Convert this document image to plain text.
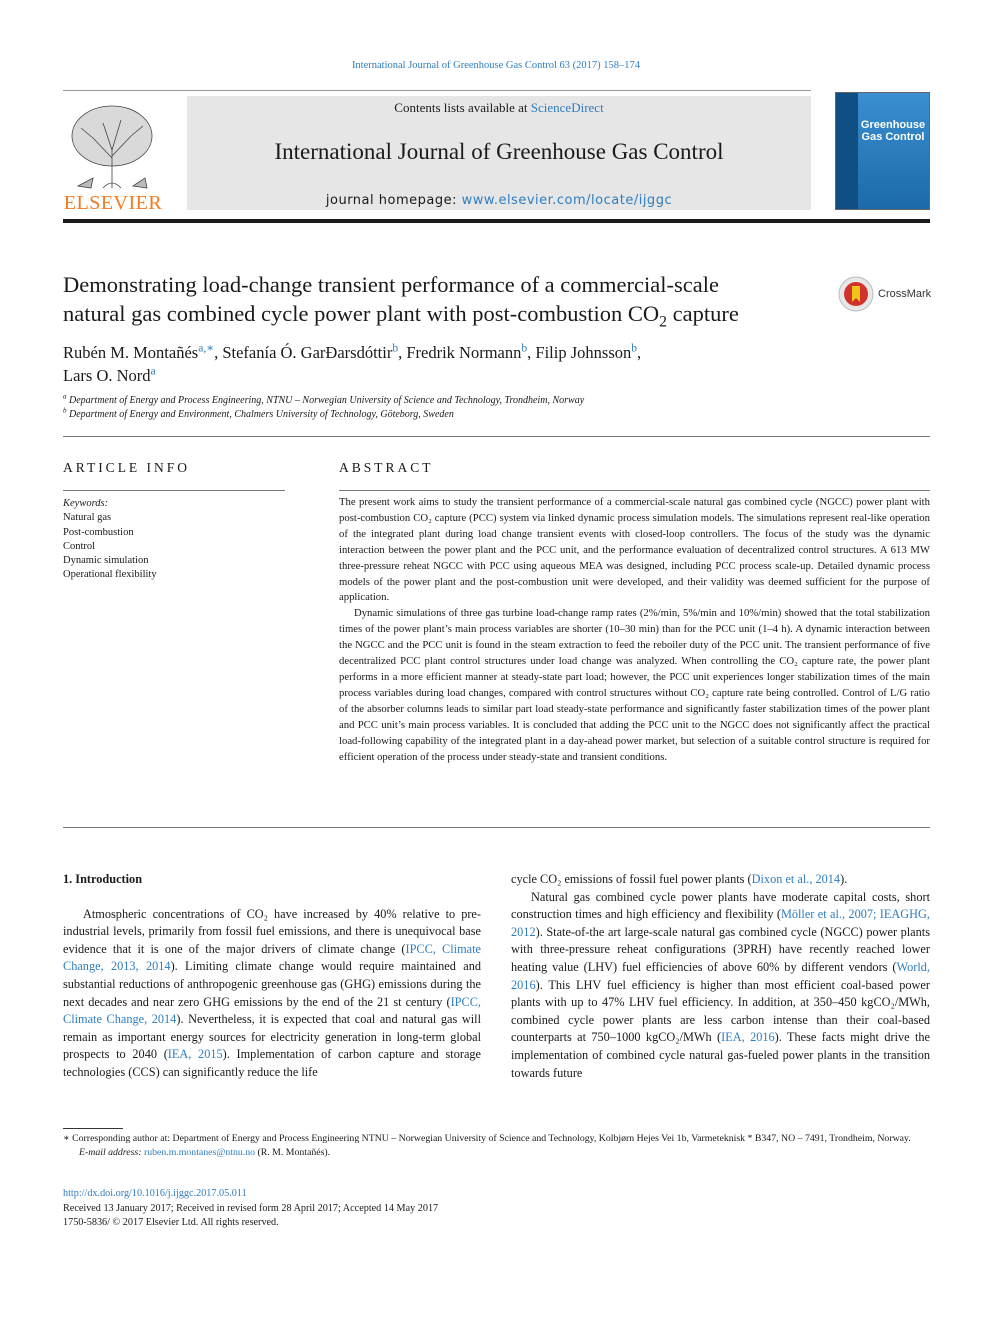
International Journal of Greenhouse Gas Control 63 (2017) 158–174
ELSEVIER
Contents lists available at ScienceDirect
International Journal of Greenhouse Gas Control
journal homepage: www.elsevier.com/locate/ijggc
Greenhouse Gas Control
Demonstrating load-change transient performance of a commercial-scale
natural gas combined cycle power plant with post-combustion $CO_2$ capture
CrossMark
Rubén M. Montañés$^{a,∗}$, Stefanía Ó. GarÐarsdóttir$^b$, Fredrik Normann$^b$, Filip Johnsson$^b$,
Lars O. Nord$^a$
$^a$ Department of Energy and Process Engineering, NTNU – Norwegian University of Science and Technology, Trondheim, Norway
$^b$ Department of Energy and Environment, Chalmers University of Technology, Göteborg, Sweden
ARTICLE INFO
Keywords:
Natural gas
Post-combustion
Control
Dynamic simulation
Operational flexibility
ABSTRACT

The present work aims to study the transient performance of a commercial-scale natural gas combined cycle (NGCC) power plant with post-combustion CO₂ capture (PCC) system via linked dynamic process simulation models. The simulations represent real-like operation of the integrated plant during load change transient events with closed-loop controllers. The focus of the study was the dynamic interaction between the power plant and the PCC unit, and the performance evaluation of decentralized control structures. A 613 MW three-pressure reheat NGCC with PCC using aqueous MEA was designed, including PCC process scale-up. Detailed dynamic process models of the power plant and the post-combustion unit were developed, and their validity was deemed sufficient for the purpose of application.

Dynamic simulations of three gas turbine load-change ramp rates (2%/min, 5%/min and 10%/min) showed that the total stabilization times of the power plant’s main process variables are shorter (10–30 min) than for the PCC unit (1–4 h). A dynamic interaction between the NGCC and the PCC unit is found in the steam extraction to feed the reboiler duty of the PCC unit. The transient performance of five decentralized PCC plant control structures under load change was analyzed. When controlling the CO₂ capture rate, the power plant performs in a more efficient manner at steady-state part load; however, the PCC unit experiences longer stabilization times of the main process variables during load changes, compared with control structures without CO₂ capture rate being controlled. Control of L/G ratio of the absorber columns leads to similar part load steady-state performance and significantly faster stabilization times of the power plant and PCC unit’s main process variables. It is concluded that adding the PCC unit to the NGCC does not significantly affect the practical load-following capability of the integrated plant in a day-ahead power market, but selection of a suitable control structure is required for efficient operation of the process under steady-state and transient conditions.

1. Introduction

Atmospheric concentrations of CO₂ have increased by 40% relative to pre-industrial levels, primarily from fossil fuel emissions, and there is unequivocal base evidence that it is one of the major drivers of climate change (IPCC, Climate Change, 2013, 2014). Limiting climate change would require maintained and substantial reductions of anthropogenic greenhouse gas (GHG) emissions during the next decades and near zero GHG emissions by the end of the 21 st century (IPCC, Climate Change, 2014). Nevertheless, it is expected that coal and natural gas will remain as important energy sources for electricity generation in long-term global prospects to 2040 (IEA, 2015). Implementation of carbon capture and storage technologies (CCS) can significantly reduce the life

cycle CO₂ emissions of fossil fuel power plants (Dixon et al., 2014).

Natural gas combined cycle power plants have moderate capital costs, short construction times and high efficiency and flexibility (Möller et al., 2007; IEAGHG, 2012). State-of-the art large-scale natural gas combined cycle (NGCC) power plants with three-pressure reheat configurations (3PRH) have recently reached lower heating value (LHV) fuel efficiencies of above 60% by different vendors (World, 2016). This LHV fuel efficiency is higher than most efficient coal-based power plants with up to 47% LHV fuel efficiency. In addition, at 350–450 kgCO₂/MWh, combined cycle power plants are less carbon intense than their coal-based counterparts at 750–1000 kgCO₂/MWh (IEA, 2016). These facts might drive the implementation of combined cycle natural gas-fueled power plants in the transition towards future

∗ Corresponding author at: Department of Energy and Process Engineering NTNU – Norwegian University of Science and Technology, Kolbjørn Hejes Vei 1b, Varmeteknisk * B347, NO – 7491, Trondheim, Norway.

E-mail address: ruben.m.montanes@ntnu.no (R. M. Montañés).

http://dx.doi.org/10.1016/j.ijggc.2017.05.011
Received 13 January 2017; Received in revised form 28 April 2017; Accepted 14 May 2017
1750-5836/ © 2017 Elsevier Ltd. All rights reserved.
